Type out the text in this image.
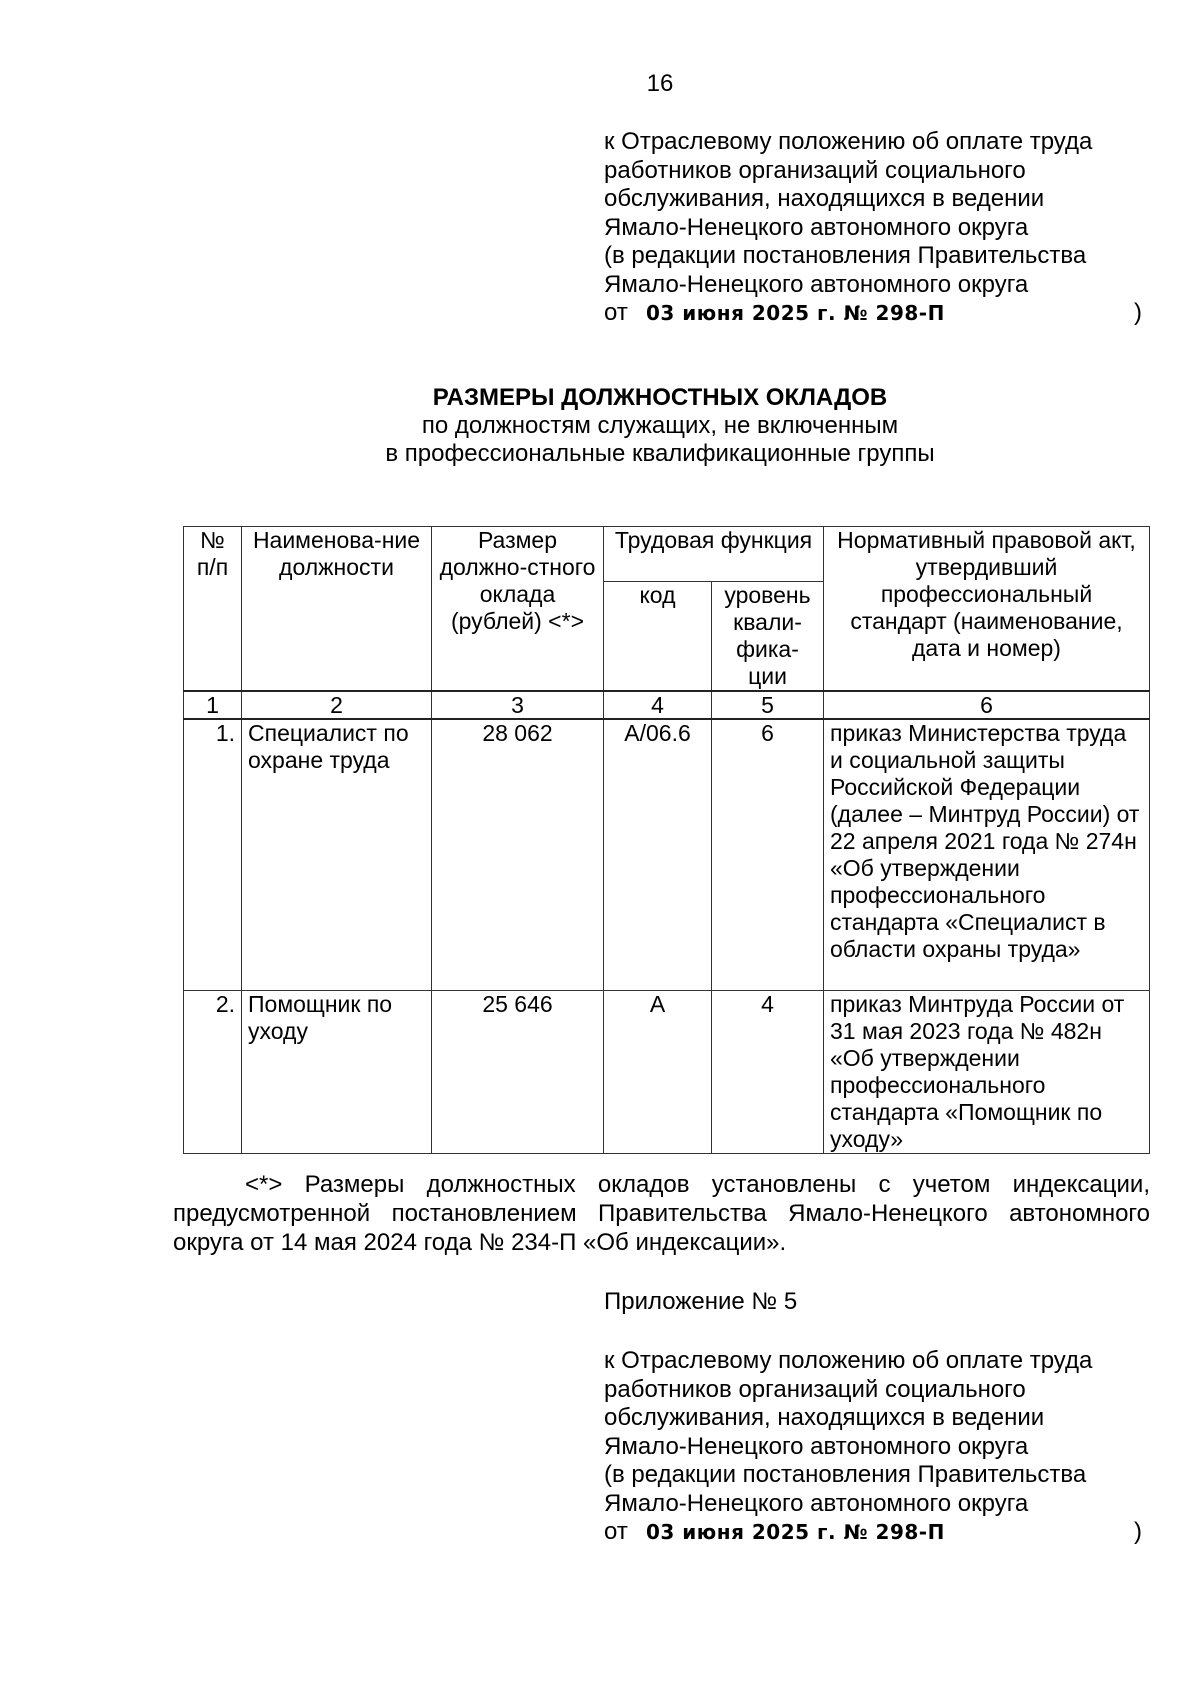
16
к Отраслевому положению об оплате труда
работников организаций социального
обслуживания, находящихся в ведении
Ямало-Ненецкого автономного округа
(в редакции постановления Правительства
Ямало-Ненецкого автономного округа
от 03 июня 2025 г. № 298-П	)
РАЗМЕРЫ ДОЛЖНОСТНЫХ ОКЛАДОВ
по должностям служащих, не включенным
в профессиональные квалификационные группы
№ п/п	Наименова-ние должности	Размер должно-стного оклада (рублей) <*>	Трудовая функция		Нормативный правовой акт, утвердивший профессиональный стандарт (наименование, дата и номер)
			код	уровень квали-фика-ции	
1	2	3	4	5	6
1.	Специалист по охране труда	28 062	А/06.6	6	приказ Министерства труда и социальной защиты Российской Федерации (далее – Минтруд России) от 22 апреля 2021 года № 274н «Об утверждении профессионального стандарта «Специалист в области охраны труда»
2.	Помощник по уходу	25 646	А	4	приказ Минтруда России от 31 мая 2023 года № 482н «Об утверждении профессионального стандарта «Помощник по уходу»
<*> Размеры должностных окладов установлены с учетом индексации, предусмотренной постановлением Правительства Ямало-Ненецкого автономного округа от 14 мая 2024 года № 234-П «Об индексации».
Приложение № 5
к Отраслевому положению об оплате труда
работников организаций социального
обслуживания, находящихся в ведении
Ямало-Ненецкого автономного округа
(в редакции постановления Правительства
Ямало-Ненецкого автономного округа
от 03 июня 2025 г. № 298-П	)
